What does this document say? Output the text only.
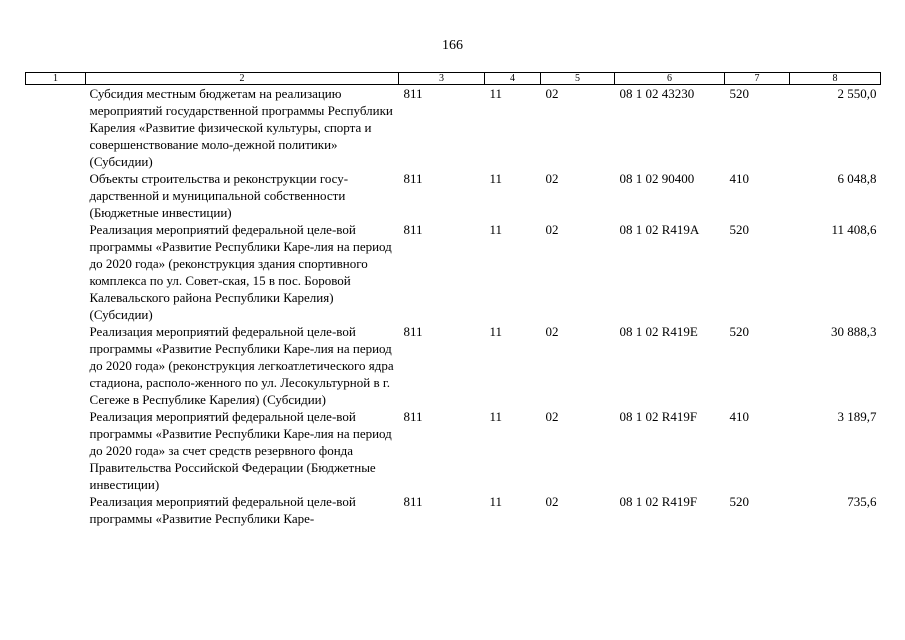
166
1	2	3	4	5	6	7	8
	Субсидия местным бюджетам на реализацию мероприятий государственной программы Республики Карелия «Развитие физической культуры, спорта и совершенствование моло-дежной политики» (Субсидии)	811	11	02	08 1 02 43230	520	2 550,0
	Объекты строительства и реконструкции госу-дарственной и муниципальной собственности (Бюджетные инвестиции)	811	11	02	08 1 02 90400	410	6 048,8
	Реализация мероприятий федеральной целе-вой программы «Развитие Республики Каре-лия на период до 2020 года» (реконструкция здания спортивного комплекса по ул. Совет-ская, 15 в пос. Боровой Калевальского района Республики Карелия) (Субсидии)	811	11	02	08 1 02 R419A	520	11 408,6
	Реализация мероприятий федеральной целе-вой программы «Развитие Республики Каре-лия на период до 2020 года» (реконструкция легкоатлетического ядра стадиона, располо-женного по ул. Лесокультурной в г. Сегеже в Республике Карелия) (Субсидии)	811	11	02	08 1 02 R419E	520	30 888,3
	Реализация мероприятий федеральной целе-вой программы «Развитие Республики Каре-лия на период до 2020 года» за счет средств резервного фонда Правительства Российской Федерации (Бюджетные инвестиции)	811	11	02	08 1 02 R419F	410	3 189,7
	Реализация мероприятий федеральной целе-вой программы «Развитие Республики Каре-	811	11	02	08 1 02 R419F	520	735,6
